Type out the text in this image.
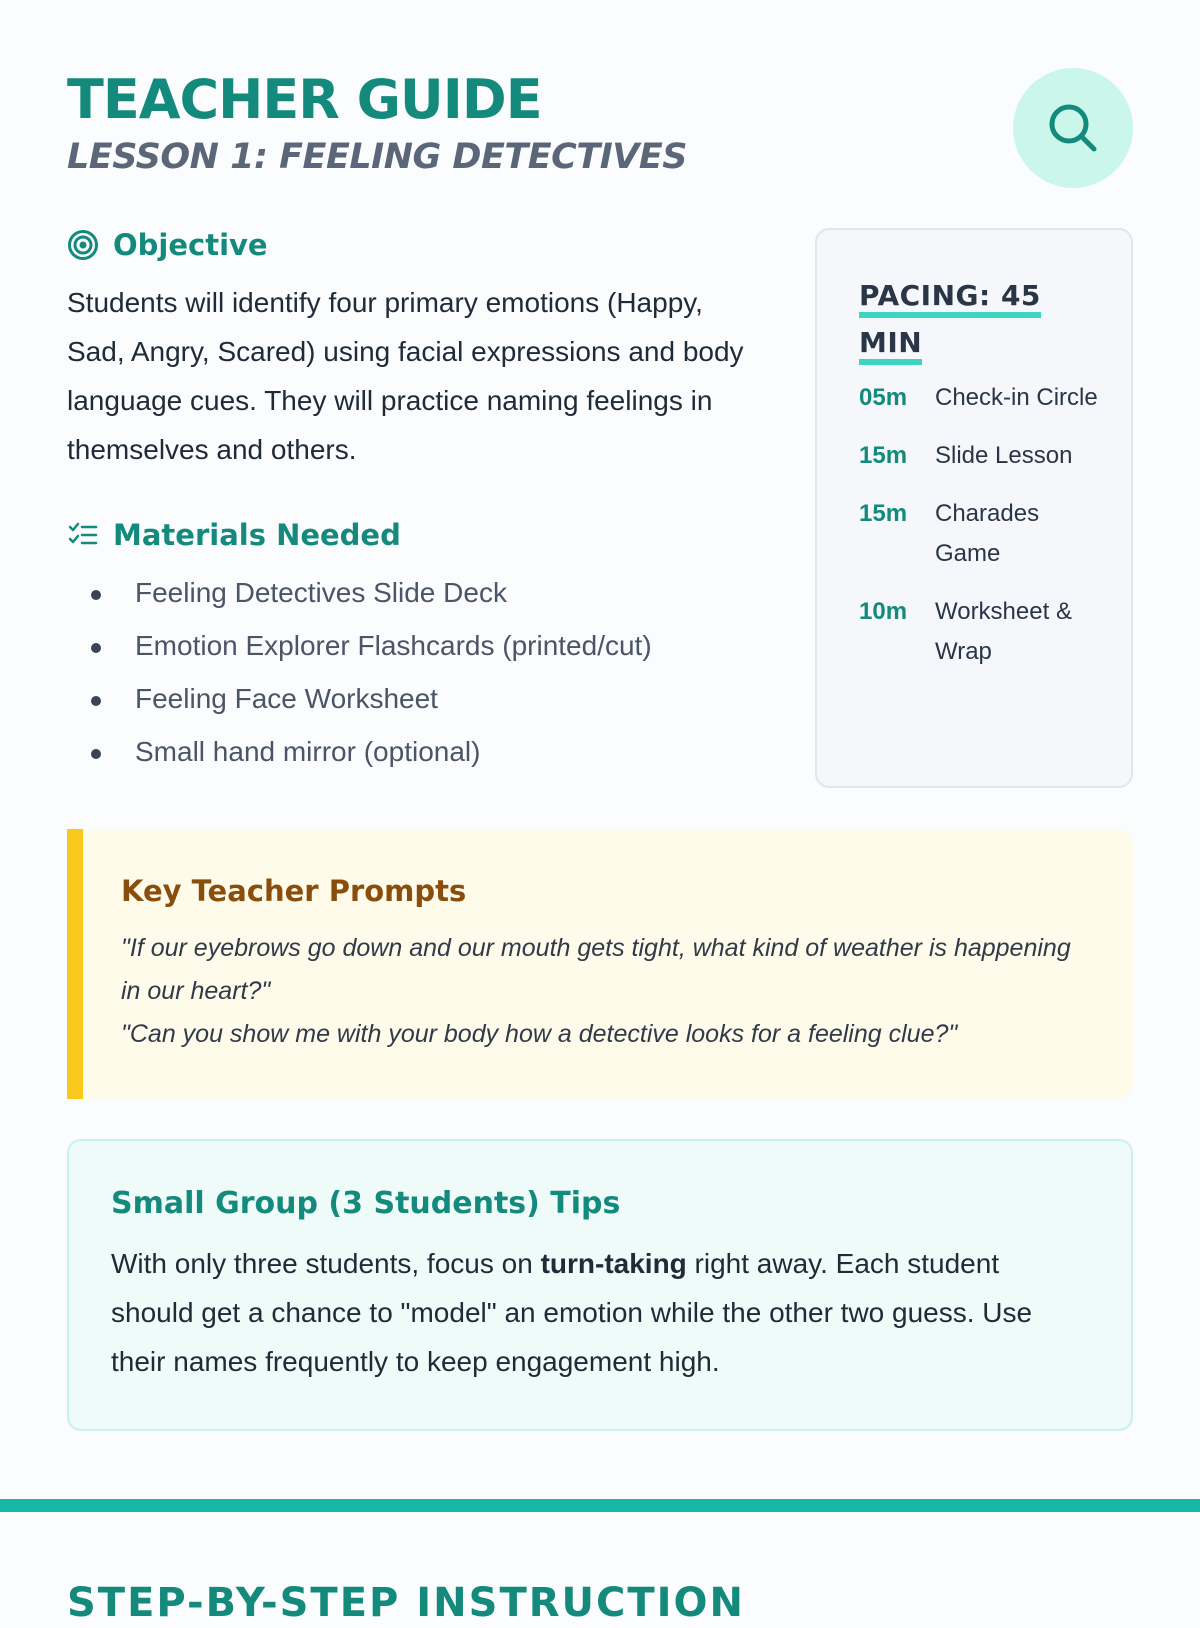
TEACHER GUIDE
LESSON 1: FEELING DETECTIVES
Objective

Students will identify four primary emotions (Happy, Sad, Angry, Scared) using facial expressions and body language cues. They will practice naming feelings in themselves and others.

Materials Needed
Feeling Detectives Slide Deck
Emotion Explorer Flashcards (printed/cut)
Feeling Face Worksheet
Small hand mirror (optional)
PACING: 45
MIN
05m	Check-in Circle
15m	Slide Lesson
15m	Charades Game
10m	Worksheet & Wrap
Key Teacher Prompts

"If our eyebrows go down and our mouth gets tight, what kind of weather is happening in our heart?"

"Can you show me with your body how a detective looks for a feeling clue?"

Small Group (3 Students) Tips

With only three students, focus on turn-taking right away. Each student should get a chance to "model" an emotion while the other two guess. Use their names frequently to keep engagement high.

STEP-BY-STEP INSTRUCTION
